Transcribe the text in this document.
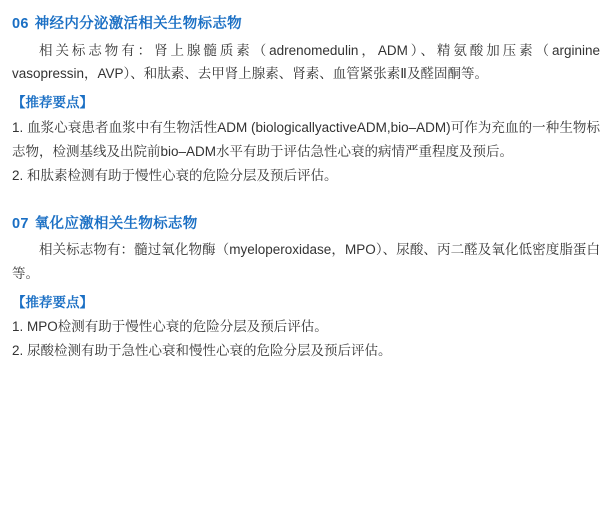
06 神经内分泌激活相关生物标志物

相关标志物有：肾上腺髓质素（adrenomedulin，ADM）、精氨酸加压素（arginine vasopressin，AVP）、和肽素、去甲肾上腺素、肾素、血管紧张素Ⅱ及醛固酮等。

【推荐要点】

1. 血浆心衰患者血浆中有生物活性ADM (biologicallyactiveADM,bio–ADM)可作为充血的一种生物标志物，检测基线及出院前bio–ADM水平有助于评估急性心衰的病情严重程度及预后。

2. 和肽素检测有助于慢性心衰的危险分层及预后评估。

07 氧化应激相关生物标志物

相关标志物有：髓过氧化物酶（myeloperoxidase，MPO）、尿酸、丙二醛及氧化低密度脂蛋白等。

【推荐要点】

1. MPO检测有助于慢性心衰的危险分层及预后评估。

2. 尿酸检测有助于急性心衰和慢性心衰的危险分层及预后评估。
